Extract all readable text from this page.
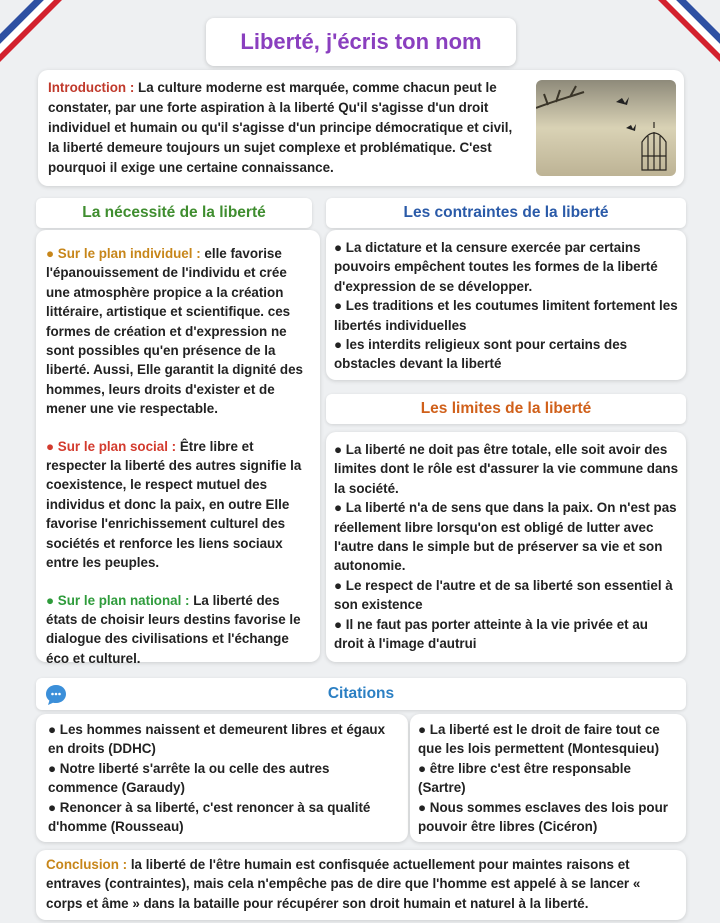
Liberté, j'écris ton nom
Introduction : La culture moderne est marquée, comme chacun peut le constater, par une forte aspiration à la liberté Qu'il s'agisse d'un droit individuel et humain ou qu'il s'agisse d'un principe démocratique et civil, la liberté demeure toujours un sujet complexe et problématique. C'est pourquoi il exige une certaine connaissance.
La nécessité de la liberté	Les contraintes de la liberté

● Sur le plan individuel : elle favorise l'épanouissement de l'individu et crée une atmosphère propice a la création littéraire, artistique et scientifique. ces formes de création et d'expression ne sont possibles qu'en présence de la liberté. Aussi, Elle garantit la dignité des hommes, leurs droits d'exister et de mener une vie respectable.

● Sur le plan social : Être libre et respecter la liberté des autres signifie la coexistence, le respect mutuel des individus et donc la paix, en outre Elle favorise l'enrichissement culturel des sociétés et renforce les liens sociaux entre les peuples.

● Sur le plan national : La liberté des états de choisir leurs destins favorise le dialogue des civilisations et l'échange éco et culturel.

● La dictature et la censure exercée par certains pouvoirs empêchent toutes les formes de la liberté d'expression de se développer.

● Les traditions et les coutumes limitent fortement les libertés individuelles

● les interdits religieux sont pour certains des obstacles devant la liberté

Les limites de la liberté

● La liberté ne doit pas être totale, elle soit avoir des limites dont le rôle est d'assurer la vie commune dans la société.

● La liberté n'a de sens que dans la paix. On n'est pas réellement libre lorsqu'on est obligé de lutter avec l'autre dans le simple but de préserver sa vie et son autonomie.

● Le respect de l'autre et de sa liberté son essentiel à son existence

● Il ne faut pas porter atteinte à la vie privée et au droit à l'image d'autrui

Citations

● Les hommes naissent et demeurent libres et égaux en droits (DDHC)

● Notre liberté s'arrête la ou celle des autres commence (Garaudy)

● Renoncer à sa liberté, c'est renoncer à sa qualité d'homme (Rousseau)

● La liberté est le droit de faire tout ce que les lois permettent (Montesquieu)

● être libre c'est être responsable (Sartre)

● Nous sommes esclaves des lois pour pouvoir être libres (Cicéron)

Conclusion : la liberté de l'être humain est confisquée actuellement pour maintes raisons et entraves (contraintes), mais cela n'empêche pas de dire que l'homme est appelé à se lancer « corps et âme » dans la bataille pour récupérer son droit humain et naturel à la liberté.
